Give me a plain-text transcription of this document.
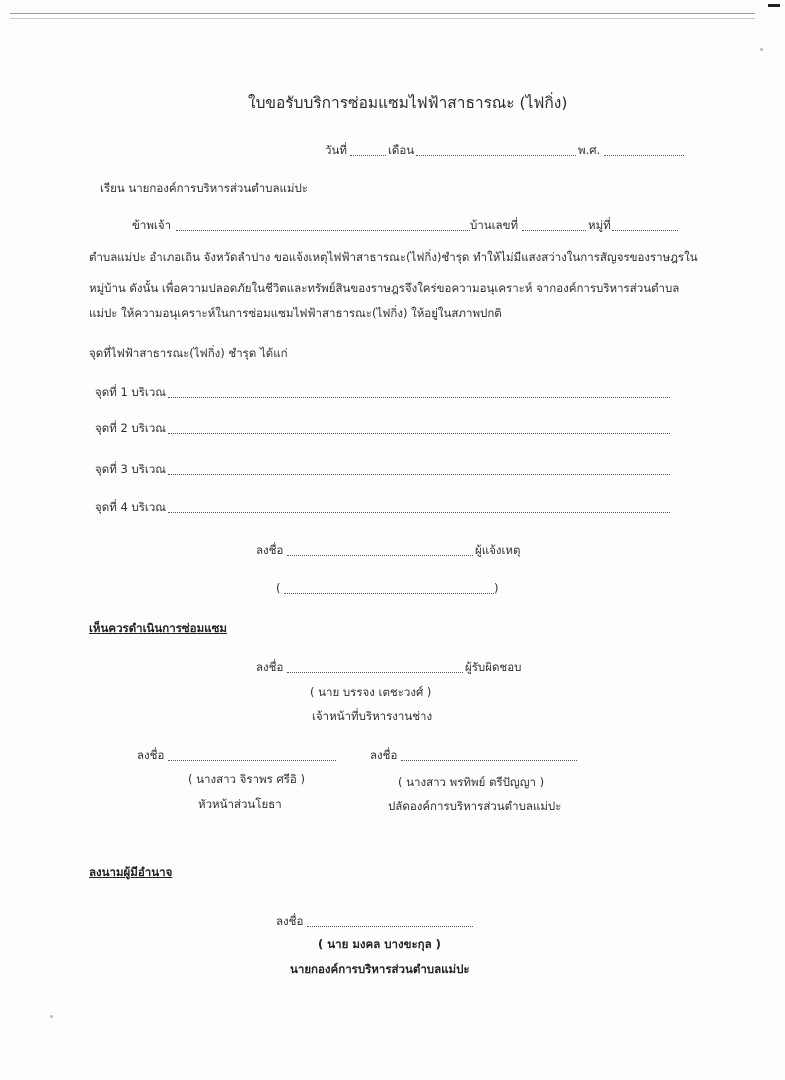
ใบขอรับบริการซ่อมแซมไฟฟ้าสาธารณะ (ไฟกิ่ง)
วันที่	เดือน	พ.ศ.
เรียน นายกองค์การบริหารส่วนตำบลแม่ปะ
ข้าพเจ้า	บ้านเลขที่	หมู่ที่
ตำบลแม่ปะ อำเภอเถิน จังหวัดลำปาง ขอแจ้งเหตุไฟฟ้าสาธารณะ(ไฟกิ่ง)ชำรุด ทำให้ไม่มีแสงสว่างในการสัญจรของราษฎรใน
หมู่บ้าน ดังนั้น เพื่อความปลอดภัยในชีวิตและทรัพย์สินของราษฎรจึงใคร่ขอความอนุเคราะห์ จากองค์การบริหารส่วนตำบล
แม่ปะ ให้ความอนุเคราะห์ในการซ่อมแซมไฟฟ้าสาธารณะ(ไฟกิ่ง) ให้อยู่ในสภาพปกติ
จุดที่ไฟฟ้าสาธารณะ(ไฟกิ่ง) ชำรุด ได้แก่
จุดที่ 1 บริเวณ
จุดที่ 2 บริเวณ
จุดที่ 3 บริเวณ
จุดที่ 4 บริเวณ
ลงชื่อ	ผู้แจ้งเหตุ
(	)
เห็นควรดำเนินการซ่อมแซม
ลงชื่อ	ผู้รับผิดชอบ
( นาย บรรจง เตชะวงศ์ )
เจ้าหน้าที่บริหารงานช่าง
ลงชื่อ	ลงชื่อ
( นางสาว จิราพร ศรีอิ )	( นางสาว พรทิพย์ ตรีปัญญา )
หัวหน้าส่วนโยธา	ปลัดองค์การบริหารส่วนตำบลแม่ปะ
ลงนามผู้มีอำนาจ
ลงชื่อ
( นาย มงคล บางขะกุล )
นายกองค์การบริหารส่วนตำบลแม่ปะ
